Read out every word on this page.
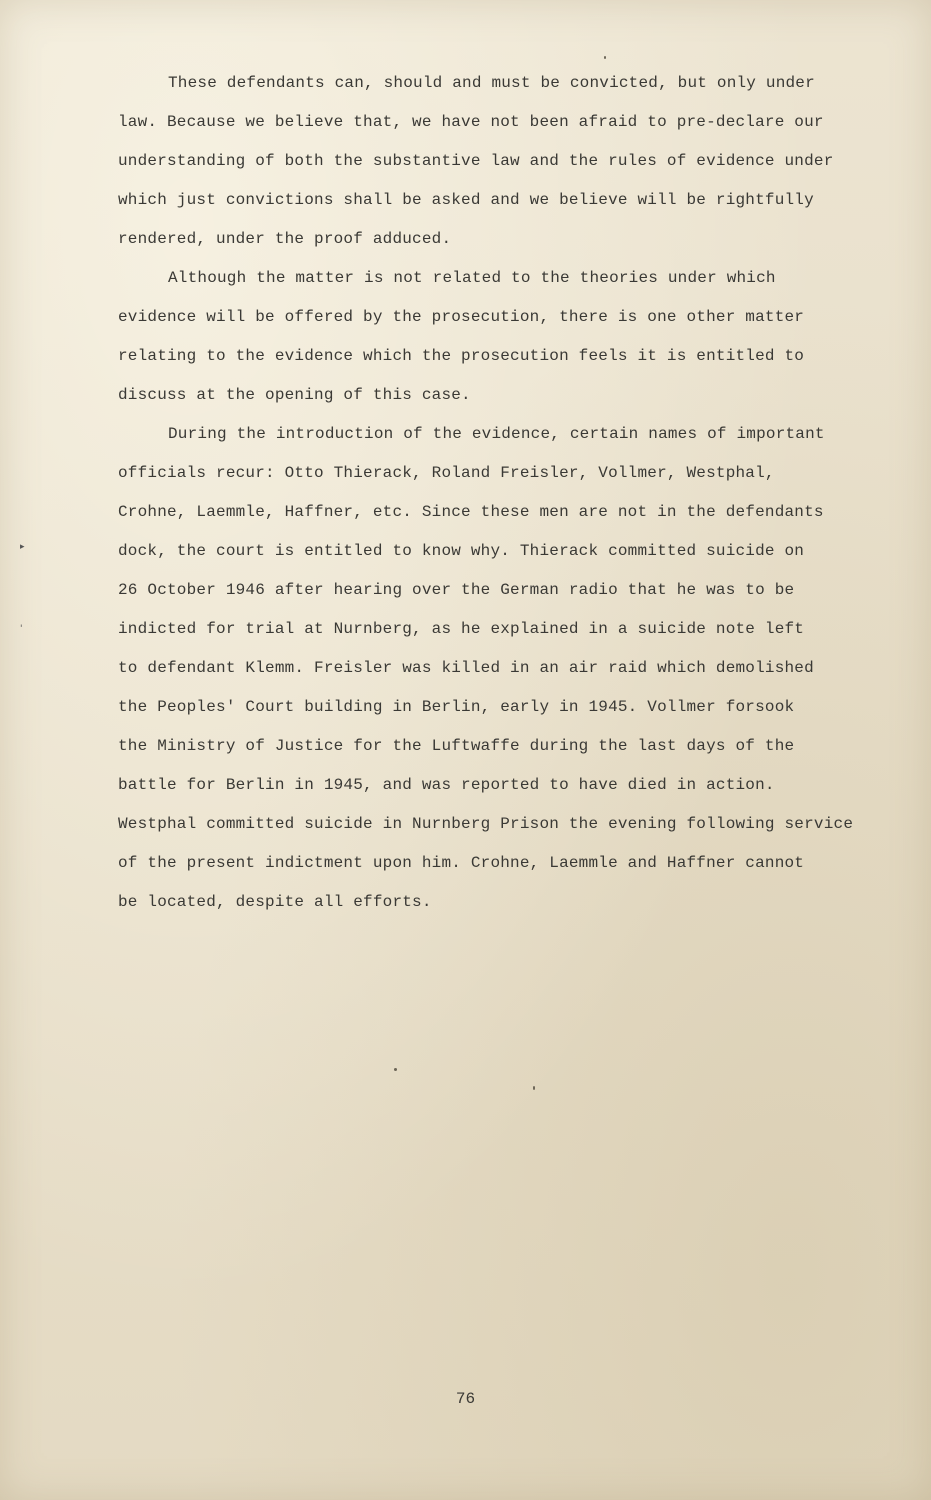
These defendants can, should and must be convicted, but only under
law. Because we believe that, we have not been afraid to pre-declare our
understanding of both the substantive law and the rules of evidence under
which just convictions shall be asked and we believe will be rightfully
rendered, under the proof adduced.
Although the matter is not related to the theories under which
evidence will be offered by the prosecution, there is one other matter
relating to the evidence which the prosecution feels it is entitled to
discuss at the opening of this case.
During the introduction of the evidence, certain names of important
officials recur: Otto Thierack, Roland Freisler, Vollmer, Westphal,
Crohne, Laemmle, Haffner, etc. Since these men are not in the defendants
dock, the court is entitled to know why. Thierack committed suicide on
26 October 1946 after hearing over the German radio that he was to be
indicted for trial at Nurnberg, as he explained in a suicide note left
to defendant Klemm. Freisler was killed in an air raid which demolished
the Peoples' Court building in Berlin, early in 1945. Vollmer forsook
the Ministry of Justice for the Luftwaffe during the last days of the
battle for Berlin in 1945, and was reported to have died in action.
Westphal committed suicide in Nurnberg Prison the evening following service
of the present indictment upon him. Crohne, Laemmle and Haffner cannot
be located, despite all efforts.
▸
'
76
